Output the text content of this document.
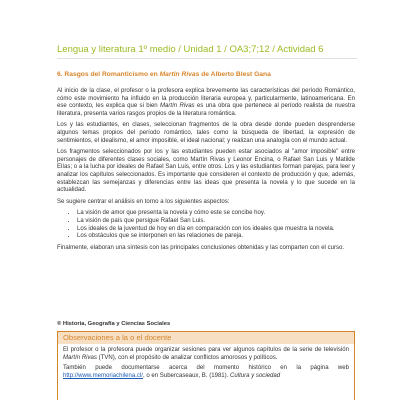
Lengua y literatura 1º medio / Unidad 1 / OA3;7;12 / Actividad 6
6. Rasgos del Romanticismo en Martín Rivas de Alberto Blest Gana

Al inicio de la clase, el profesor o la profesora explica brevemente las características del período Romántico, cómo este movimiento ha influido en la producción literaria europea y, particularmente, latinoamericana. En ese contexto, les explica que si bien Martín Rivas es una obra que pertenece al período realista de nuestra literatura, presenta varios rasgos propios de la literatura romántica.

Los y las estudiantes, en clases, seleccionan fragmentos de la obra desde donde pueden desprenderse algunos temas propios del período romántico, tales como la búsqueda de libertad, la expresión de sentimientos, el idealismo, el amor imposible, el ideal nacional; y realizan una analogía con el mundo actual.

Los fragmentos seleccionados por los y las estudiantes pueden estar asociados al "amor imposible" entre personajes de diferentes clases sociales, como Martín Rivas y Leonor Encina, o Rafael San Luis y Matilde Elías; o a la lucha por ideales de Rafael San Luis, entre otros. Los y las estudiantes forman parejas, para leer y analizar los capítulos seleccionados. Es importante que consideren el contexto de producción y que, además, establezcan las semejanzas y diferencias entre las ideas que presenta la novela y lo que sucede en la actualidad.

Se sugiere centrar el análisis en torno a los siguientes aspectos:

• La visión de amor que presenta la novela y cómo este se concibe hoy.
• La visión de país que persigue Rafael San Luis.
• Los ideales de la juventud de hoy en día en comparación con los ideales que muestra la novela.
• Los obstáculos que se interponen en las relaciones de pareja.

Finalmente, elaboran una síntesis con las principales conclusiones obtenidas y las comparten con el curso.

® Historia, Geografía y Ciencias Sociales
Observaciones a la o el docente

El profesor o la profesora puede organizar sesiones para ver algunos capítulos de la serie de televisión Martín Rivas (TVN), con el propósito de analizar conflictos amorosos y políticos.

También puede documentarse acerca del momento histórico en la página web http://www.memoriachilena.cl/, o en Subercaseaux, B. (1981). Cultura y sociedad
